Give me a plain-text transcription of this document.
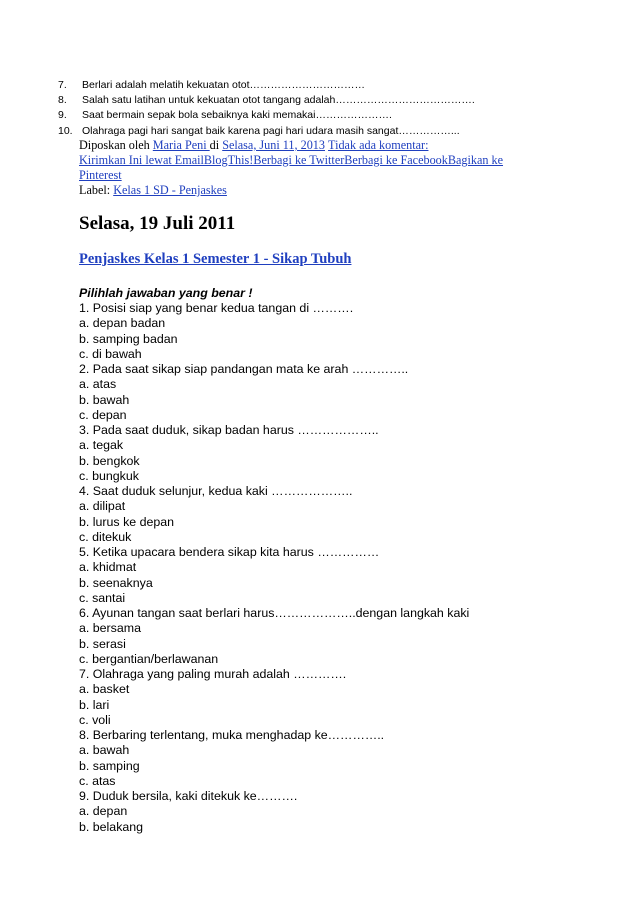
7.	Berlari adalah melatih kekuatan otot……………………………
8.	Salah satu latihan untuk kekuatan otot tangang adalah………………………………….
9.	Saat bermain sepak bola sebaiknya kaki memakai………………….
10. Olahraga pagi hari sangat baik karena pagi hari udara masih sangat……………...
Diposkan oleh Maria Peni di Selasa, Juni 11, 2013 Tidak ada komentar:
Kirimkan Ini lewat EmailBlogThis!Berbagi ke TwitterBerbagi ke FacebookBagikan ke
Pinterest
Label: Kelas 1 SD - Penjaskes
Selasa, 19 Juli 2011
Penjaskes Kelas 1 Semester 1 - Sikap Tubuh
Pilihlah jawaban yang benar !
1. Posisi siap yang benar kedua tangan di ……….
a. depan badan
b. samping badan
c. di bawah
2. Pada saat sikap siap pandangan mata ke arah …………..
a. atas
b. bawah
c. depan
3. Pada saat duduk, sikap badan harus ………………..
a. tegak
b. bengkok
c. bungkuk
4. Saat duduk selunjur, kedua kaki ………………..
a. dilipat
b. lurus ke depan
c. ditekuk
5. Ketika upacara bendera sikap kita harus ……………
a. khidmat
b. seenaknya
c. santai
6. Ayunan tangan saat berlari harus………………..dengan langkah kaki
a. bersama
b. serasi
c. bergantian/berlawanan
7. Olahraga yang paling murah adalah ………….
a. basket
b. lari
c. voli
8. Berbaring terlentang, muka menghadap ke…………..
a. bawah
b. samping
c. atas
9. Duduk bersila, kaki ditekuk ke……….
a. depan
b. belakang
